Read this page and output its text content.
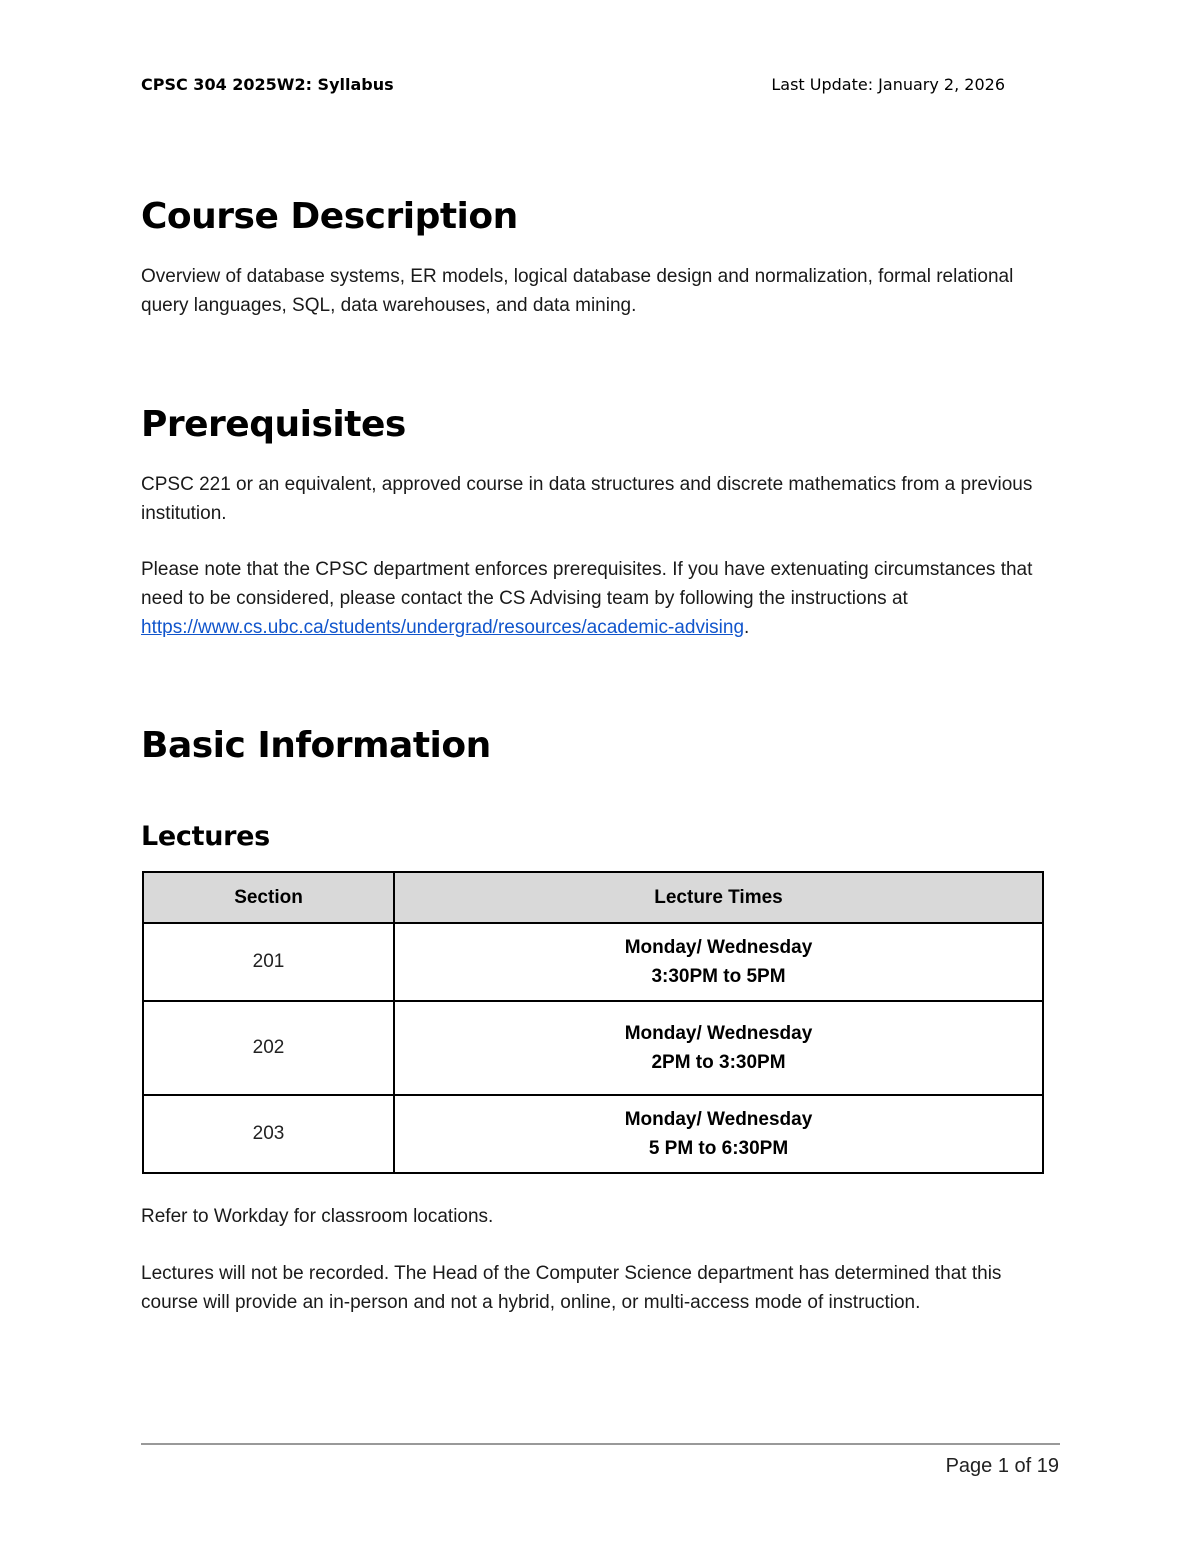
CPSC 304 2025W2: Syllabus	Last Update: January 2, 2026
Course Description

Overview of database systems, ER models, logical database design and normalization, formal relational query languages, SQL, data warehouses, and data mining.

Prerequisites

CPSC 221 or an equivalent, approved course in data structures and discrete mathematics from a previous institution.

Please note that the CPSC department enforces prerequisites. If you have extenuating circumstances that need to be considered, please contact the CS Advising team by following the instructions at https://www.cs.ubc.ca/students/undergrad/resources/academic-advising.

Basic Information
Lectures
Section	Lecture Times
201	Monday/ Wednesday
3:30PM to 5PM

202	Monday/ Wednesday
2PM to 3:30PM

203	Monday/ Wednesday
5 PM to 6:30PM

Refer to Workday for classroom locations.

Lectures will not be recorded. The Head of the Computer Science department has determined that this course will provide an in-person and not a hybrid, online, or multi-access mode of instruction.

Page 1 of 19
